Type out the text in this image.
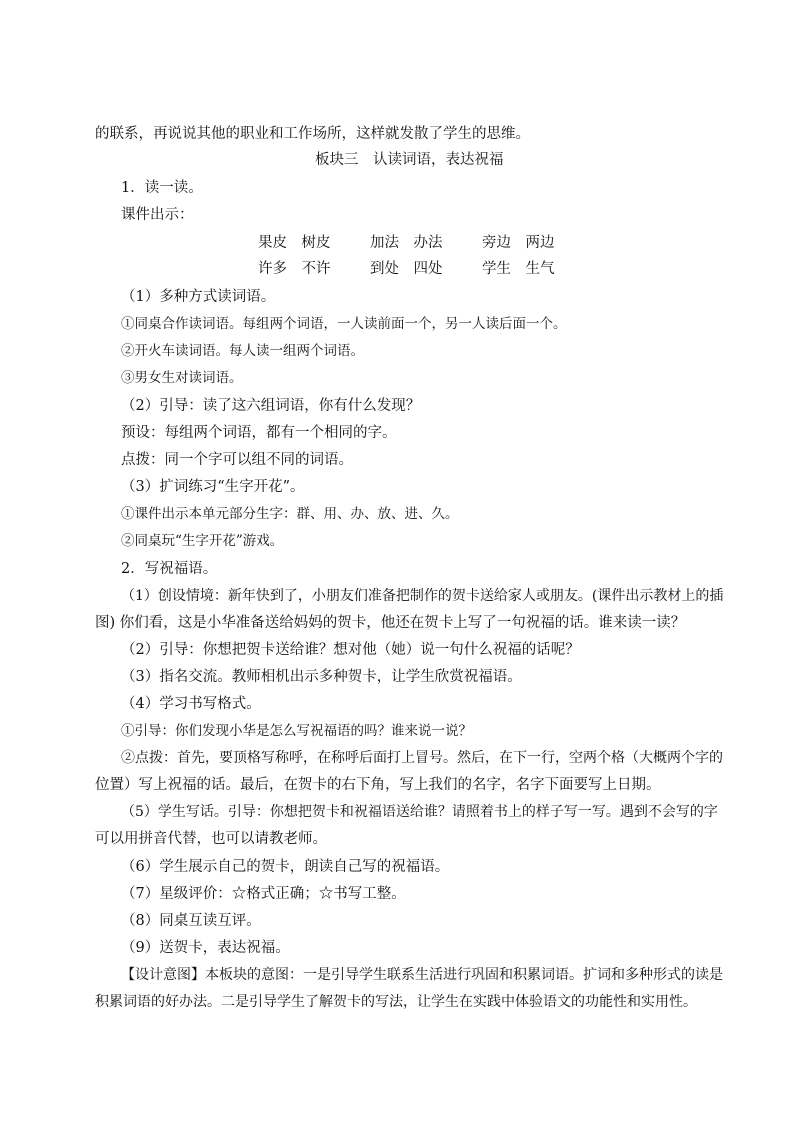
的联系，再说说其他的职业和工作场所，这样就发散了学生的思维。
板块三　认读词语，表达祝福
1．读一读。
课件出示：
果皮　树皮	加法　办法	旁边　两边
许多　不许	到处　四处	学生　生气
（1）多种方式读词语。
①同桌合作读词语。每组两个词语，一人读前面一个，另一人读后面一个。
②开火车读词语。每人读一组两个词语。
③男女生对读词语。
（2）引导：读了这六组词语，你有什么发现？
预设：每组两个词语，都有一个相同的字。
点拨：同一个字可以组不同的词语。
（3）扩词练习“生字开花”。
①课件出示本单元部分生字：群、用、办、放、进、久。
②同桌玩“生字开花”游戏。
2．写祝福语。
（1）创设情境：新年快到了，小朋友们准备把制作的贺卡送给家人或朋友。(课件出示教材上的插
图) 你们看，这是小华准备送给妈妈的贺卡，他还在贺卡上写了一句祝福的话。谁来读一读？
（2）引导：你想把贺卡送给谁？想对他（她）说一句什么祝福的话呢？
（3）指名交流。教师相机出示多种贺卡，让学生欣赏祝福语。
（4）学习书写格式。
①引导：你们发现小华是怎么写祝福语的吗？谁来说一说？
②点拨：首先，要顶格写称呼，在称呼后面打上冒号。然后，在下一行，空两个格（大概两个字的
位置）写上祝福的话。最后，在贺卡的右下角，写上我们的名字，名字下面要写上日期。
（5）学生写话。引导：你想把贺卡和祝福语送给谁？请照着书上的样子写一写。遇到不会写的字
可以用拼音代替，也可以请教老师。
（6）学生展示自己的贺卡，朗读自己写的祝福语。
（7）星级评价：☆格式正确；☆书写工整。
（8）同桌互读互评。
（9）送贺卡，表达祝福。
【设计意图】本板块的意图：一是引导学生联系生活进行巩固和积累词语。扩词和多种形式的读是
积累词语的好办法。二是引导学生了解贺卡的写法，让学生在实践中体验语文的功能性和实用性。
